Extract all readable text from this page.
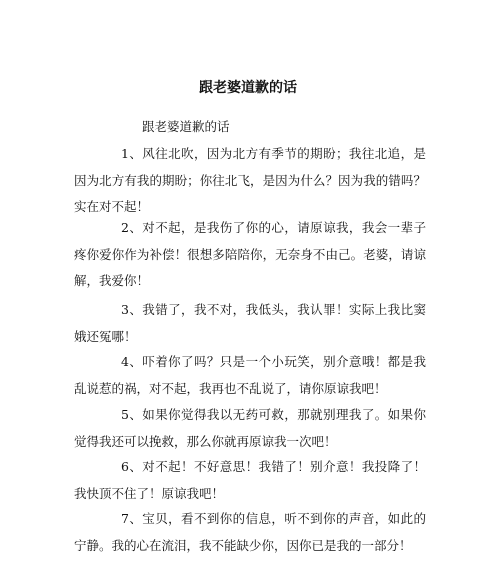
跟老婆道歉的话

跟老婆道歉的话

1、风往北吹，因为北方有季节的期盼；我往北追，是因为北方有我的期盼；你往北飞，是因为什么？因为我的错吗？实在对不起！

2、对不起，是我伤了你的心，请原谅我，我会一辈子疼你爱你作为补偿！很想多陪陪你，无奈身不由己。老婆，请谅解，我爱你！

3、我错了，我不对，我低头，我认罪！实际上我比窦娥还冤哪！

4、吓着你了吗？只是一个小玩笑，别介意哦！都是我乱说惹的祸，对不起，我再也不乱说了，请你原谅我吧！

5、如果你觉得我以无药可救，那就别理我了。如果你觉得我还可以挽救，那么你就再原谅我一次吧！

6、对不起！不好意思！我错了！别介意！我投降了！我快顶不住了！原谅我吧！

7、宝贝，看不到你的信息，听不到你的声音，如此的宁静。我的心在流泪，我不能缺少你，因你已是我的一部分！
